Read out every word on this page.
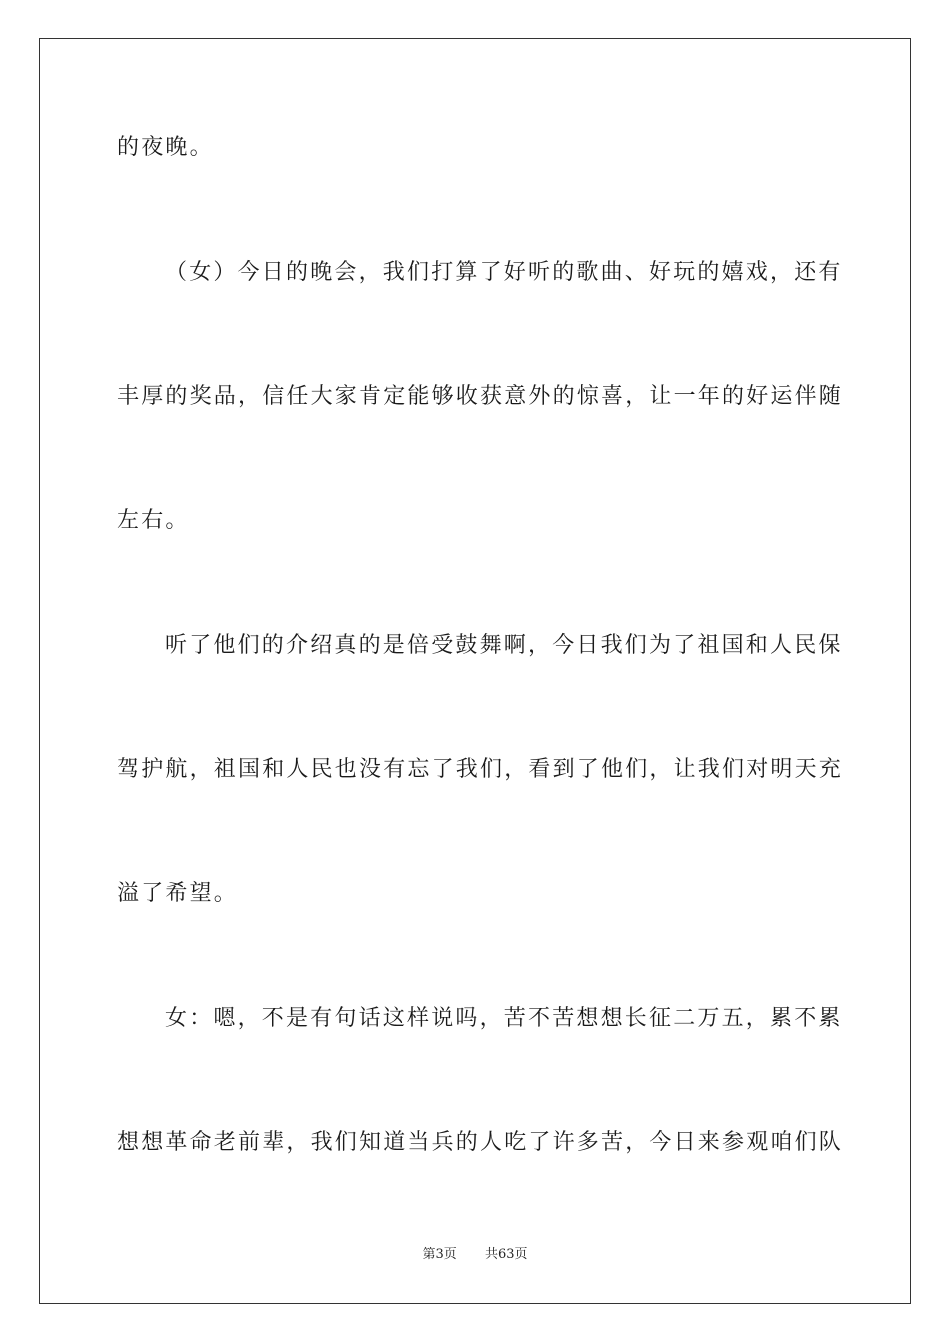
的夜晚。
（女）今日的晚会，我们打算了好听的歌曲、好玩的嬉戏，还有
丰厚的奖品，信任大家肯定能够收获意外的惊喜，让一年的好运伴随
左右。
听了他们的介绍真的是倍受鼓舞啊，今日我们为了祖国和人民保
驾护航，祖国和人民也没有忘了我们，看到了他们，让我们对明天充
溢了希望。
女：嗯，不是有句话这样说吗，苦不苦想想长征二万五，累不累
想想革命老前辈，我们知道当兵的人吃了许多苦，今日来参观咱们队
第3页 共63页
